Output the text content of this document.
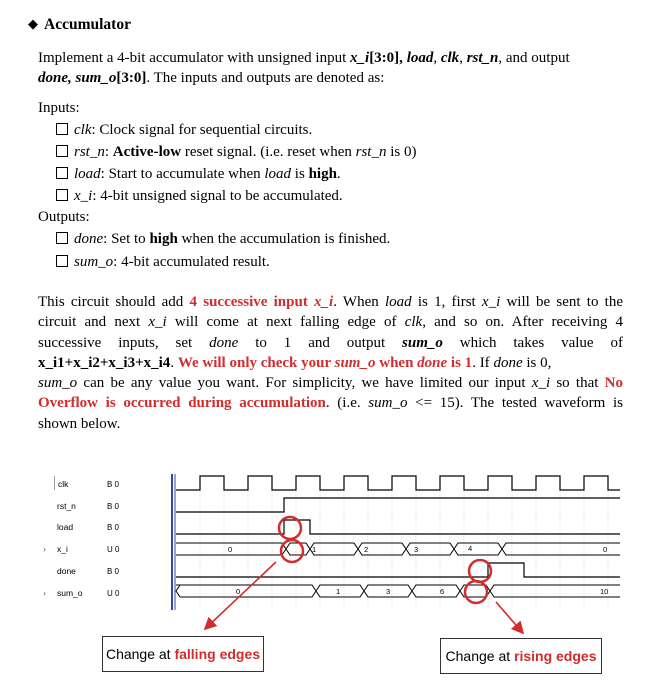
◆ Accumulator
Implement a 4-bit accumulator with unsigned input x_i[3:0], load, clk, rst_n, and output
done, sum_o[3:0]. The inputs and outputs are denoted as:
Inputs:
clk: Clock signal for sequential circuits.
rst_n: Active-low reset signal. (i.e. reset when rst_n is 0)
load: Start to accumulate when load is high.
x_i: 4-bit unsigned signal to be accumulated.
Outputs:
done: Set to high when the accumulation is finished.
sum_o: 4-bit accumulated result.
This circuit should add 4 successive input x_i. When load is 1, first x_i will be sent to the
circuit and next x_i will come at next falling edge of clk, and so on. After receiving 4
successive inputs, set done to 1 and output sum_o which takes value of
x_i1+x_i2+x_i3+x_i4. We will only check your sum_o when done is 1. If done is 0,
sum_o can be any value you want. For simplicity, we have limited our input x_i so that No
Overflow is occurred during accumulation. (i.e. sum_o <= 15). The tested waveform is
shown below.
clk	B 0
rst_n	B 0
load	B 0
› x_i	U 0
done	B 0
› sum_o	U 0
0	1	2	3	4	0
0	1	3	6	10
Change at falling edges	Change at rising edges
